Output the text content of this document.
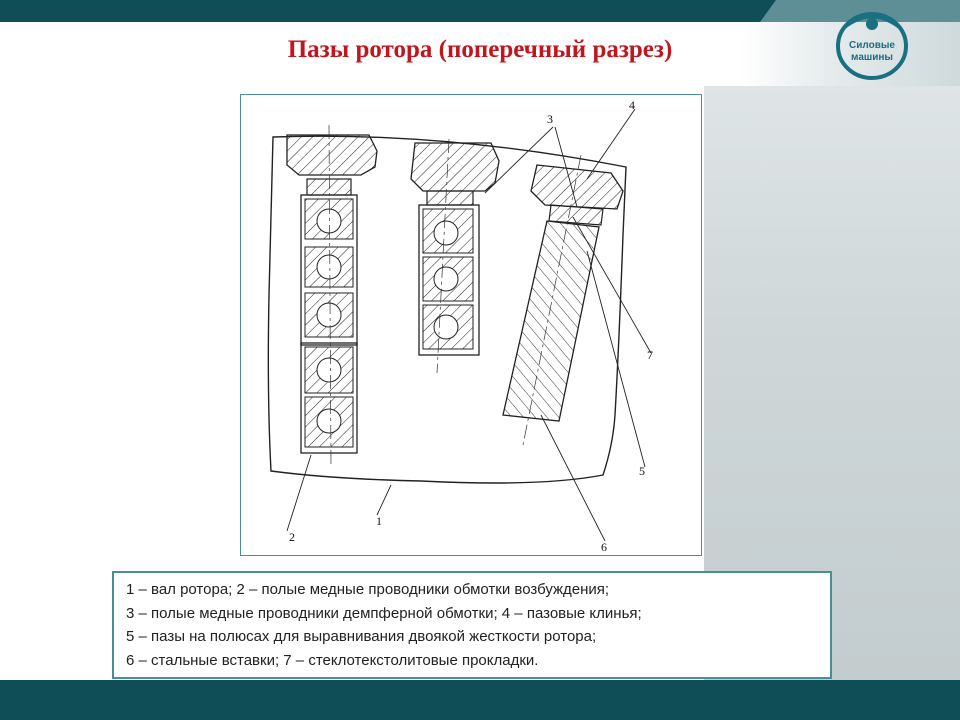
Пазы ротора (поперечный разрез)	Силовые
машины
1
2
3
4
5
6
7

1 – вал ротора; 2 – полые медные проводники обмотки возбуждения;

3 – полые медные проводники демпферной обмотки; 4 – пазовые клинья;

5 – пазы на полюсах для выравнивания двоякой жесткости ротора;

6 – стальные вставки; 7 – стеклотекстолитовые прокладки.
